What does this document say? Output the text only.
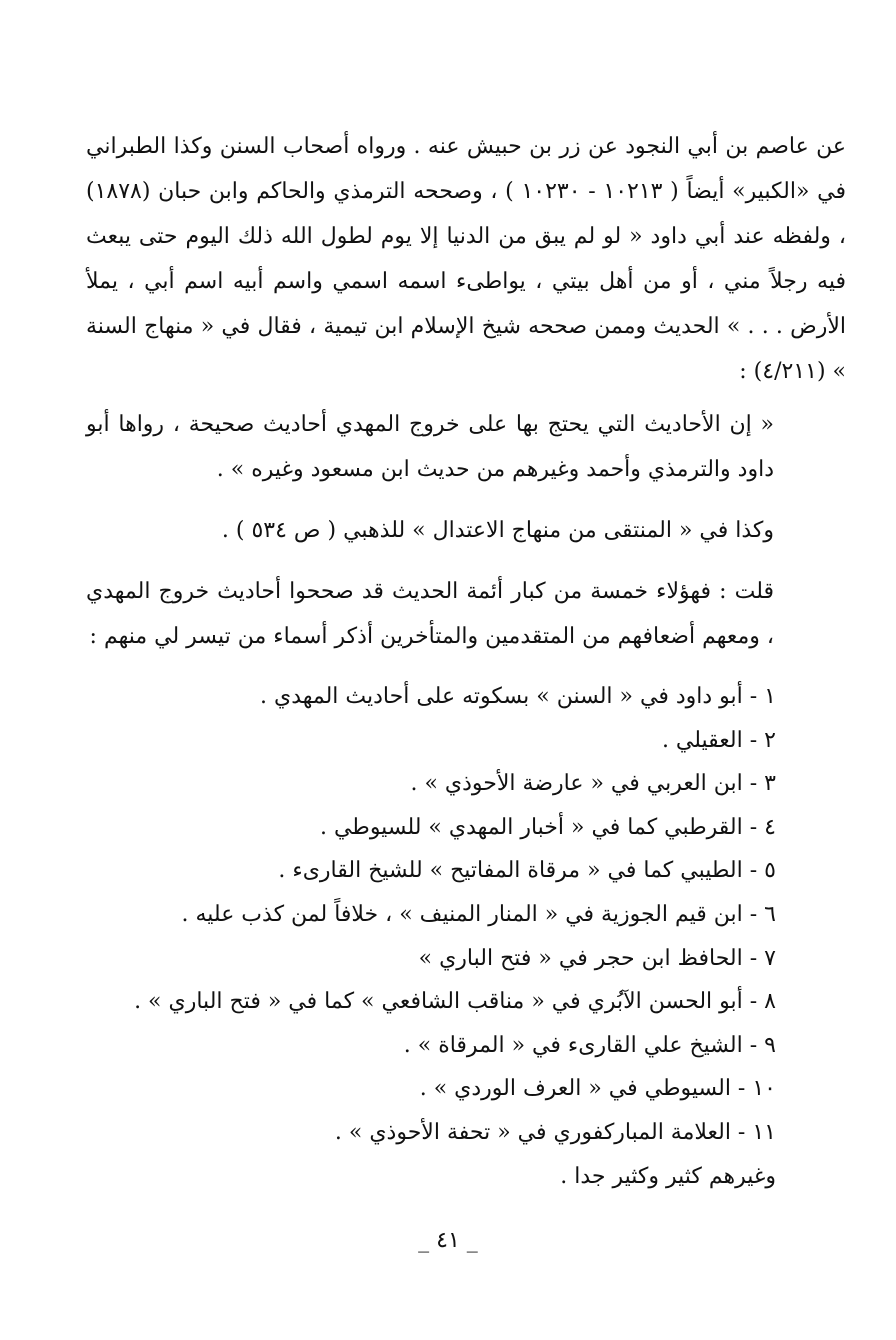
عن عاصم بن أبي النجود عن زر بن حبيش عنه . ورواه أصحاب السنن وكذا الطبراني في «الكبير» أيضاً ( ١٠٢١٣ - ١٠٢٣٠ ) ، وصححه الترمذي والحاكم وابن حبان (١٨٧٨) ، ولفظه عند أبي داود « لو لم يبق من الدنيا إلا يوم لطول الله ذلك اليوم حتى يبعث فيه رجلاً مني ، أو من أهل بيتي ، يواطىء اسمه اسمي واسم أبيه اسم أبي ، يملأ الأرض . . . » الحديث وممن صححه شيخ الإسلام ابن تيمية ، فقال في « منهاج السنة » (٤/٢١١) :

« إن الأحاديث التي يحتج بها على خروج المهدي أحاديث صحيحة ، رواها أبو داود والترمذي وأحمد وغيرهم من حديث ابن مسعود وغيره » .

وكذا في « المنتقى من منهاج الاعتدال » للذهبي ( ص ٥٣٤ ) .

قلت : فهؤلاء خمسة من كبار أئمة الحديث قد صححوا أحاديث خروج المهدي ، ومعهم أضعافهم من المتقدمين والمتأخرين أذكر أسماء من تيسر لي منهم :

١ - أبو داود في « السنن » بسكوته على أحاديث المهدي .

٢ - العقيلي .

٣ - ابن العربي في « عارضة الأحوذي » .

٤ - القرطبي كما في « أخبار المهدي » للسيوطي .

٥ - الطيبي كما في « مرقاة المفاتيح » للشيخ القارىء .

٦ - ابن قيم الجوزية في « المنار المنيف » ، خلافاً لمن كذب عليه .

٧ - الحافظ ابن حجر في « فتح الباري »

٨ - أبو الحسن الآبُري في « مناقب الشافعي » كما في « فتح الباري » .

٩ - الشيخ علي القارىء في « المرقاة » .

١٠ - السيوطي في « العرف الوردي » .

١١ - العلامة المباركفوري في « تحفة الأحوذي » .

وغيرهم كثير وكثير جدا .

_ ٤١ _
